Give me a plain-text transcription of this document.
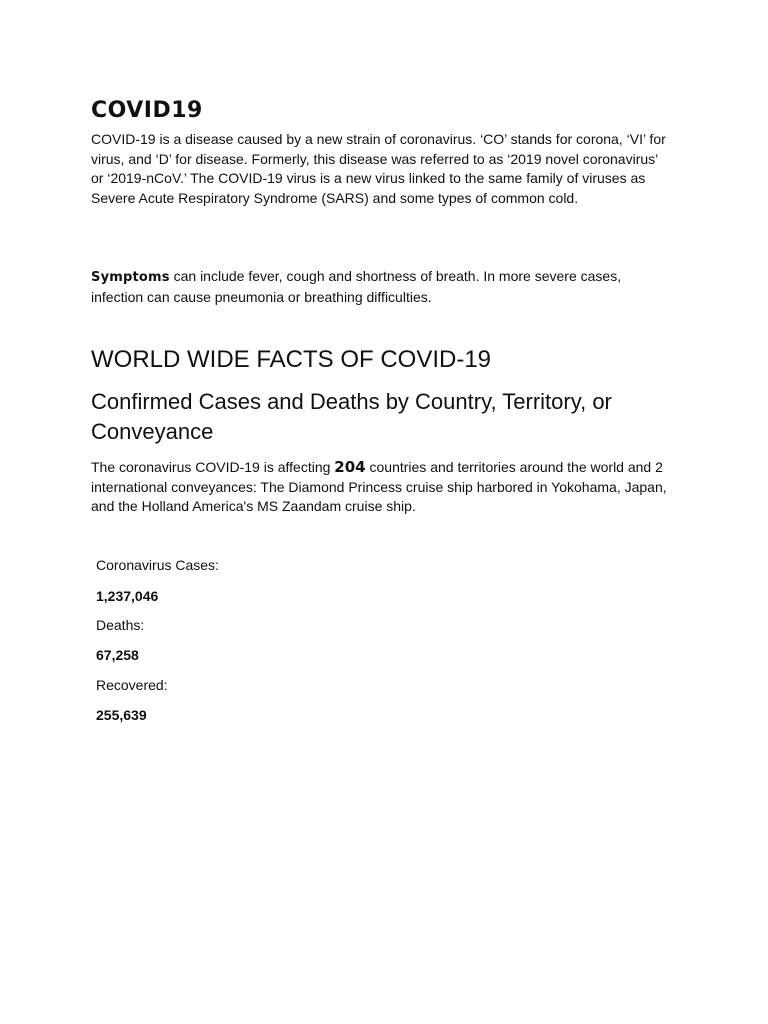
COVID19

COVID-19 is a disease caused by a new strain of coronavirus. ‘CO’ stands for corona, ‘VI’ for virus, and ‘D’ for disease. Formerly, this disease was referred to as ‘2019 novel coronavirus’ or ‘2019-nCoV.’ The COVID-19 virus is a new virus linked to the same family of viruses as Severe Acute Respiratory Syndrome (SARS) and some types of common cold.

Symptoms can include fever, cough and shortness of breath. In more severe cases, infection can cause pneumonia or breathing difficulties.

WORLD WIDE FACTS OF COVID-19
Confirmed Cases and Deaths by Country, Territory, or Conveyance

The coronavirus COVID-19 is affecting 204 countries and territories around the world and 2 international conveyances: The Diamond Princess cruise ship harbored in Yokohama, Japan, and the Holland America's MS Zaandam cruise ship.

Coronavirus Cases:

1,237,046

Deaths:

67,258

Recovered:

255,639
